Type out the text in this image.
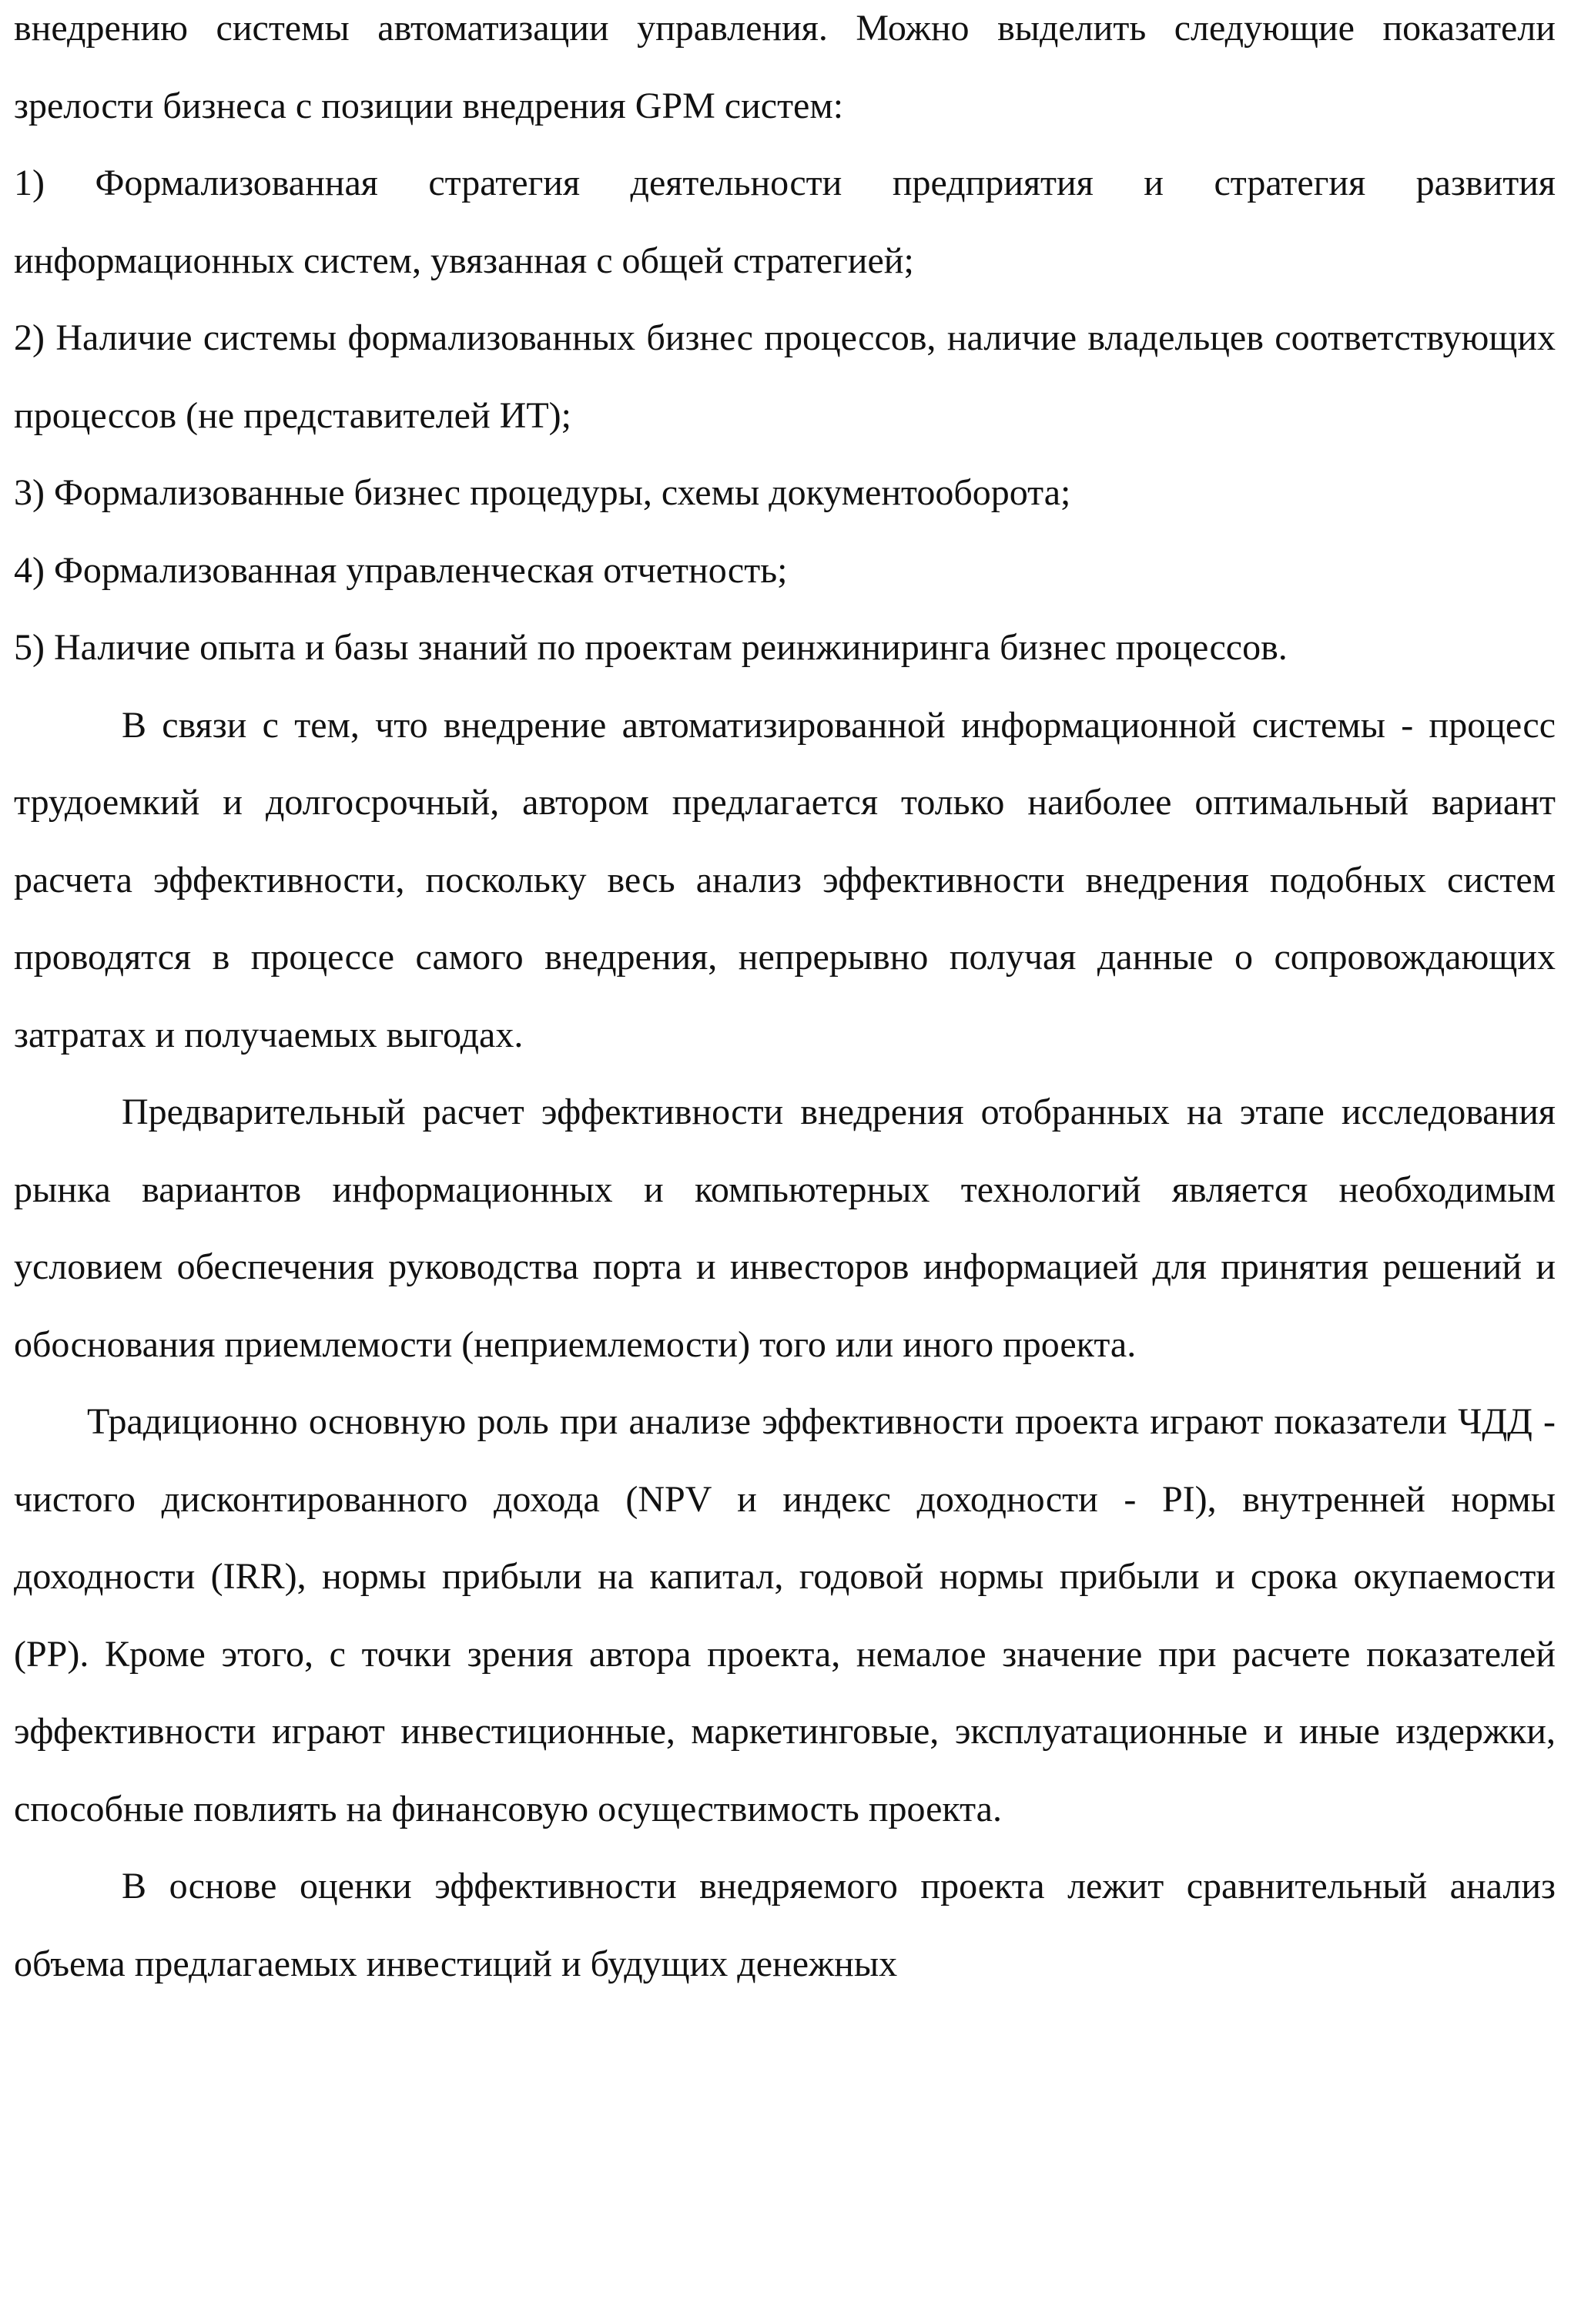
внедрению системы автоматизации управления. Можно выделить следующие показатели зрелости бизнеса с позиции внедрения GPM систем:

1) Формализованная стратегия деятельности предприятия и стратегия развития информационных систем, увязанная с общей стратегией;

2) Наличие системы формализованных бизнес процессов, наличие владельцев соответствующих процессов (не представителей ИТ);

3) Формализованные бизнес процедуры, схемы документооборота;

4) Формализованная управленческая отчетность;

5) Наличие опыта и базы знаний по проектам реинжиниринга бизнес процессов.

В связи с тем, что внедрение автоматизированной информационной системы - процесс трудоемкий и долгосрочный, автором предлагается только наиболее оптимальный вариант расчета эффективности, поскольку весь анализ эффективности внедрения подобных систем проводятся в процессе самого внедрения, непрерывно получая данные о сопровождающих затратах и получаемых выгодах.

Предварительный расчет эффективности внедрения отобранных на этапе исследования рынка вариантов информационных и компьютерных технологий является необходимым условием обеспечения руководства порта и инвесторов информацией для принятия решений и обоснования приемлемости (неприемлемости) того или иного проекта.

Традиционно основную роль при анализе эффективности проекта играют показатели ЧДД - чистого дисконтированного дохода (NPV и индекс доходности - PI), внутренней нормы доходности (IRR), нормы прибыли на капитал, годовой нормы прибыли и срока окупаемости (PP). Кроме этого, с точки зрения автора проекта, немалое значение при расчете показателей эффективности играют инвестиционные, маркетинговые, эксплуатационные и иные издержки, способные повлиять на финансовую осуществимость проекта.

В основе оценки эффективности внедряемого проекта лежит сравнительный анализ объема предлагаемых инвестиций и будущих денежных
